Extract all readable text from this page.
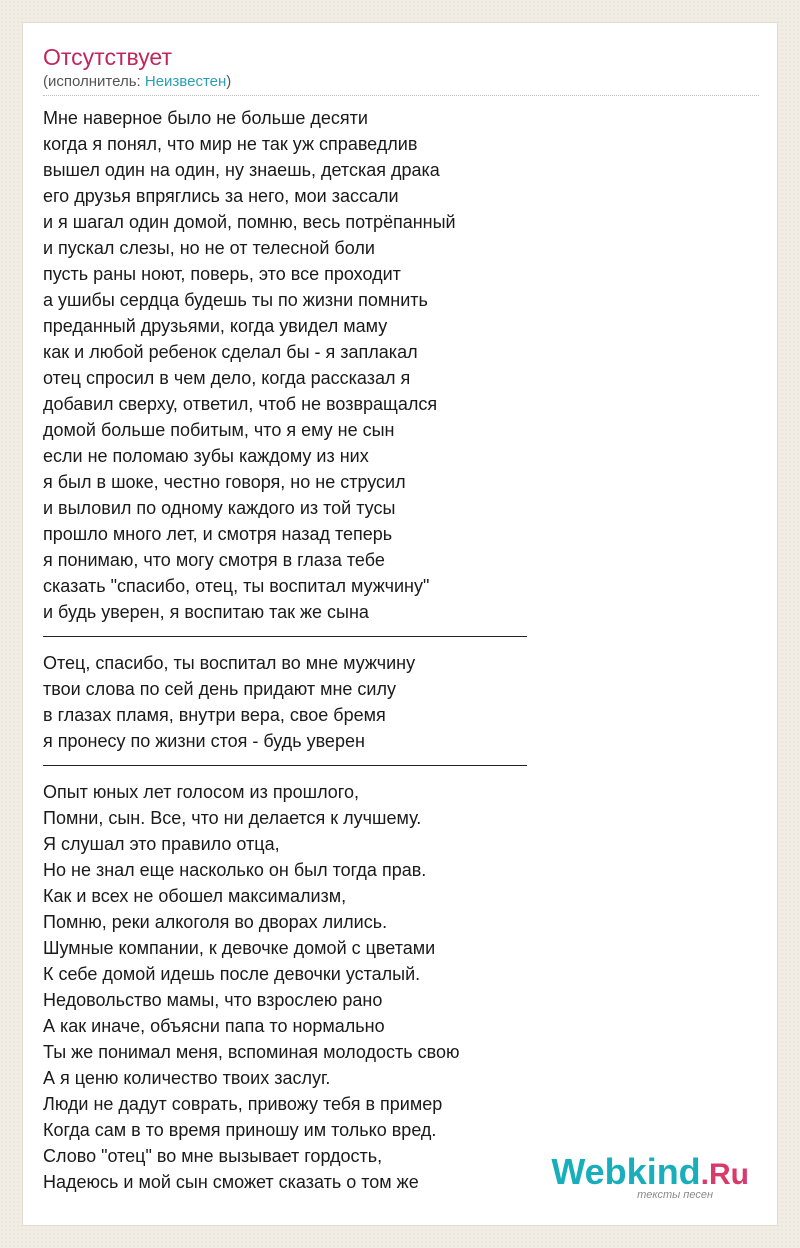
Отсутствует
(исполнитель: Неизвестен)
Мне наверное было не больше десяти
когда я понял, что мир не так уж справедлив
вышел один на один, ну знаешь, детская драка
его друзья впряглись за него, мои зассали
и я шагал один домой, помню, весь потрёпанный
и пускал слезы, но не от телесной боли
пусть раны ноют, поверь, это все проходит
а ушибы сердца будешь ты по жизни помнить
преданный друзьями, когда увидел маму
как и любой ребенок сделал бы - я заплакал
отец спросил в чем дело, когда рассказал я
добавил сверху, ответил, чтоб не возвращался
домой больше побитым, что я ему не сын
если не поломаю зубы каждому из них
я был в шоке, честно говоря, но не струсил
и выловил по одному каждого из той тусы
прошло много лет, и смотря назад теперь
я понимаю, что могу смотря в глаза тебе
сказать "спасибо, отец, ты воспитал мужчину"
и будь уверен, я воспитаю так же сына
Отец, спасибо, ты воспитал во мне мужчину
твои слова по сей день придают мне силу
в глазах пламя, внутри вера, свое бремя
я пронесу по жизни стоя - будь уверен
Опыт юных лет голосом из прошлого,
Помни, сын. Все, что ни делается к лучшему.
Я слушал это правило отца,
Но не знал еще насколько он был тогда прав.
Как и всех не обошел максимализм,
Помню, реки алкоголя во дворах лились.
Шумные компании, к девочке домой с цветами
К себе домой идешь после девочки усталый.
Недовольство мамы, что взрослею рано
А как иначе, объясни папа то нормально
Ты же понимал меня, вспоминая молодость свою
А я ценю количество твоих заслуг.
Люди не дадут соврать, привожу тебя в пример
Когда сам в то время приношу им только вред.
Слово "отец" во мне вызывает гордость,
Надеюсь и мой сын сможет сказать о том же	Webkind.Ru
тексты песен
